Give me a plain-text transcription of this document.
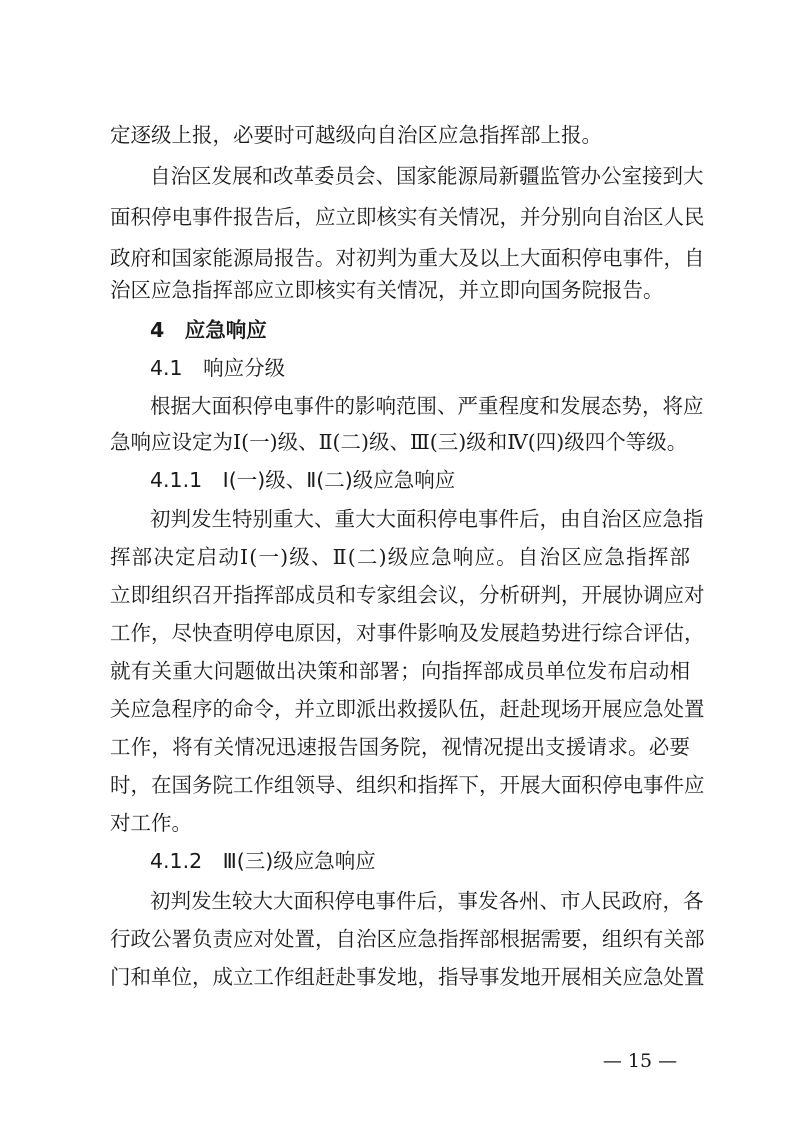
定逐级上报，必要时可越级向自治区应急指挥部上报。
自治区发展和改革委员会、国家能源局新疆监管办公室接到大
面积停电事件报告后，应立即核实有关情况，并分别向自治区人民
政府和国家能源局报告。对初判为重大及以上大面积停电事件，自
治区应急指挥部应立即核实有关情况，并立即向国务院报告。
4　应急响应
4.1　响应分级
根据大面积停电事件的影响范围、严重程度和发展态势，将应
急响应设定为Ⅰ(一)级、Ⅱ(二)级、Ⅲ(三)级和Ⅳ(四)级四个等级。
4.1.1　Ⅰ(一)级、Ⅱ(二)级应急响应
初判发生特别重大、重大大面积停电事件后，由自治区应急指
挥部决定启动Ⅰ(一)级、Ⅱ(二)级应急响应。自治区应急指挥部
立即组织召开指挥部成员和专家组会议，分析研判，开展协调应对
工作，尽快查明停电原因，对事件影响及发展趋势进行综合评估，
就有关重大问题做出决策和部署；向指挥部成员单位发布启动相
关应急程序的命令，并立即派出救援队伍，赶赴现场开展应急处置
工作，将有关情况迅速报告国务院，视情况提出支援请求。必要
时，在国务院工作组领导、组织和指挥下，开展大面积停电事件应
对工作。
4.1.2　Ⅲ(三)级应急响应
初判发生较大大面积停电事件后，事发各州、市人民政府，各
行政公署负责应对处置，自治区应急指挥部根据需要，组织有关部
门和单位，成立工作组赶赴事发地，指导事发地开展相关应急处置
— 15 —
